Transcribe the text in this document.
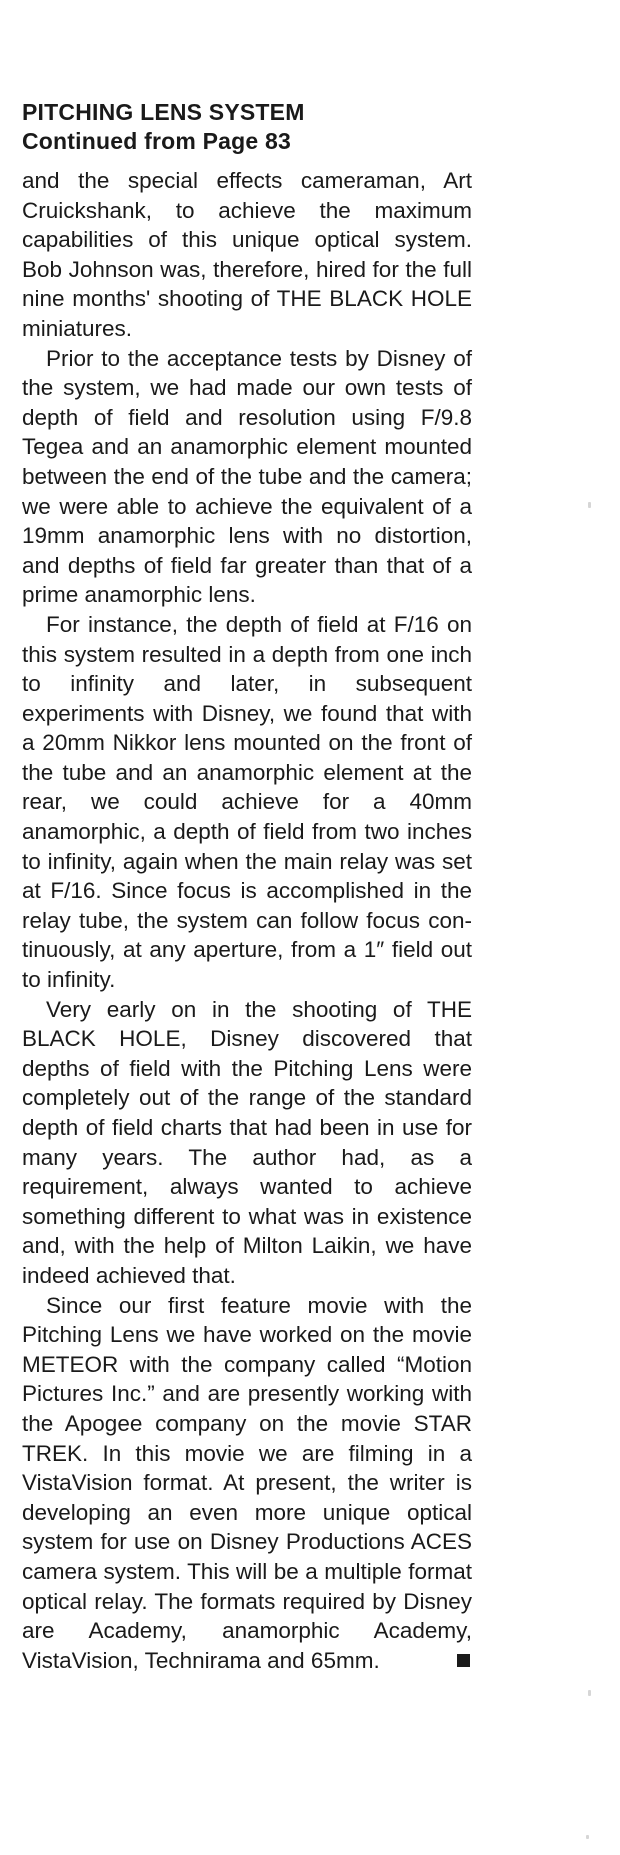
PITCHING LENS SYSTEM
Continued from Page 83

and the special effects cameraman, Art Cruickshank, to achieve the maximum capabilities of this unique optical system. Bob Johnson was, therefore, hired for the full nine months' shooting of THE BLACK HOLE miniatures.

Prior to the acceptance tests by Disney of the system, we had made our own tests of depth of field and resolution using F/9.8 Tegea and an anamorphic element mounted between the end of the tube and the camera; we were able to achieve the equivalent of a 19mm anamorphic lens with no distortion, and depths of field far greater than that of a prime anamorphic lens.

For instance, the depth of field at F/16 on this system resulted in a depth from one inch to infinity and later, in subsequent experiments with Disney, we found that with a 20mm Nikkor lens mounted on the front of the tube and an anamorphic element at the rear, we could achieve for a 40mm anamorphic, a depth of field from two inches to infinity, again when the main relay was set at F/16. Since focus is accomplished in the relay tube, the system can follow focus continuously, at any aperture, from a 1″ field out to infinity.

Very early on in the shooting of THE BLACK HOLE, Disney discovered that depths of field with the Pitching Lens were completely out of the range of the standard depth of field charts that had been in use for many years. The author had, as a requirement, always wanted to achieve something different to what was in existence and, with the help of Milton Laikin, we have indeed achieved that.

Since our first feature movie with the Pitching Lens we have worked on the movie METEOR with the company called “Motion Pictures Inc.” and are presently working with the Apogee company on the movie STAR TREK. In this movie we are filming in a VistaVision format. At present, the writer is developing an even more unique optical system for use on Disney Productions ACES camera system. This will be a multiple format optical relay. The formats required by Disney are Academy, anamorphic Academy, VistaVision, Technirama and 65mm.
